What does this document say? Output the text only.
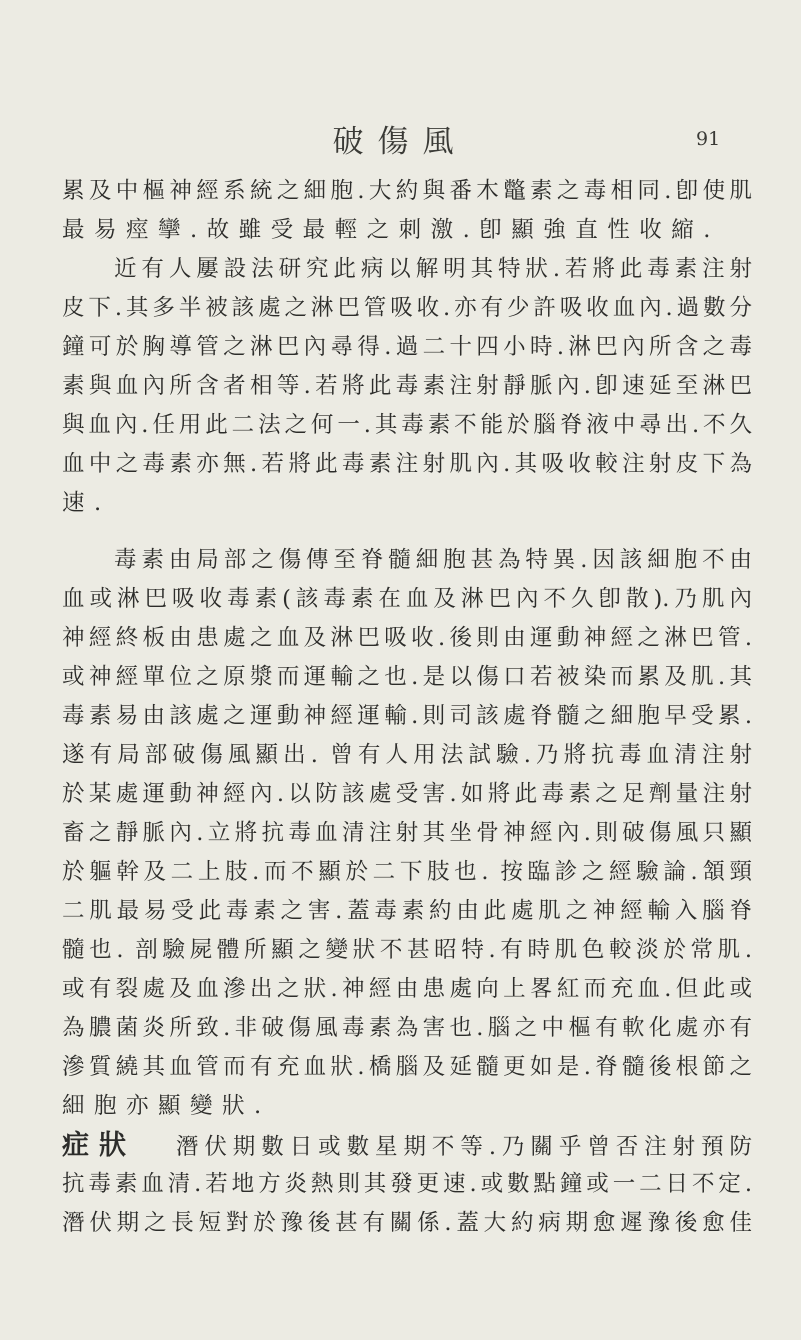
破傷風	91
累及中樞神經系統之細胞.大約與番木鼈素之毒相同.卽使肌
最易痙攣.故雖受最輕之刺激.卽顯強直性收縮.
近有人屢設法研究此病以解明其特狀.若將此毒素注射
皮下.其多半被該處之淋巴管吸收.亦有少許吸收血內.過數分
鐘可於胸導管之淋巴內尋得.過二十四小時.淋巴內所含之毒
素與血內所含者相等.若將此毒素注射靜脈內.卽速延至淋巴
與血內.任用此二法之何一.其毒素不能於腦脊液中尋出.不久
血中之毒素亦無.若將此毒素注射肌內.其吸收較注射皮下為
速.
毒素由局部之傷傳至脊髓細胞甚為特異.因該細胞不由
血或淋巴吸收毒素(該毒素在血及淋巴內不久卽散).乃肌內
神經終板由患處之血及淋巴吸收.後則由運動神經之淋巴管.
或神經單位之原漿而運輸之也.是以傷口若被染而累及肌.其
毒素易由該處之運動神經運輸.則司該處脊髓之細胞早受累.
遂有局部破傷風顯出. 曾有人用法試驗.乃將抗毒血清注射
於某處運動神經內.以防該處受害.如將此毒素之足劑量注射
畜之靜脈內.立將抗毒血清注射其坐骨神經內.則破傷風只顯
於軀幹及二上肢.而不顯於二下肢也. 按臨診之經驗論.頷頸
二肌最易受此毒素之害.蓋毒素約由此處肌之神經輸入腦脊
髓也. 剖驗屍體所顯之變狀不甚昭特.有時肌色較淡於常肌.
或有裂處及血滲出之狀.神經由患處向上畧紅而充血.但此或
為膿菌炎所致.非破傷風毒素為害也.腦之中樞有軟化處亦有
滲質繞其血管而有充血狀.橋腦及延髓更如是.脊髓後根節之
細胞亦顯變狀.
症狀 潛伏期數日或數星期不等.乃關乎曾否注射預防
抗毒素血清.若地方炎熱則其發更速.或數點鐘或一二日不定.
潛伏期之長短對於豫後甚有關係.蓋大約病期愈遲豫後愈佳
